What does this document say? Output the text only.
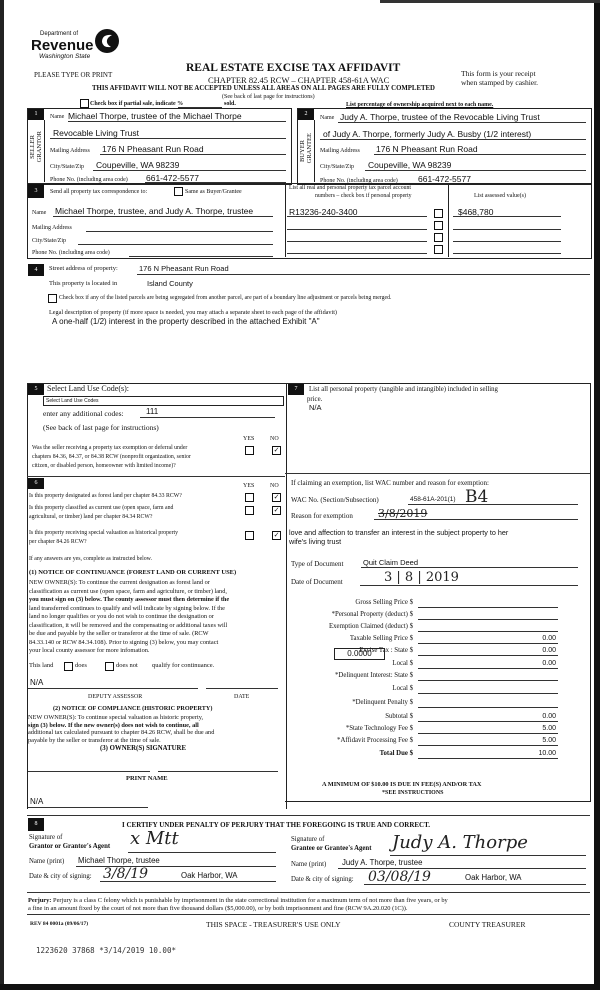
Department of
Revenue
Washington State
REAL ESTATE EXCISE TAX AFFIDAVIT
PLEASE TYPE OR PRINT	CHAPTER 82.45 RCW – CHAPTER 458-61A WAC
This form is your receipt
when stamped by cashier.
THIS AFFIDAVIT WILL NOT BE ACCEPTED UNLESS ALL AREAS ON ALL PAGES ARE FULLY COMPLETED
(See back of last page for instructions)
Check box if partial sale, indicate %	sold.	List percentage of ownership acquired next to each name.
1
SELLER GRANTOR
Name Michael Thorpe, trustee of the Michael Thorpe
Revocable Living Trust
Mailing Address 176 N Pheasant Run Road
City/State/Zip Coupeville, WA 98239
Phone No. (including area code) 661-472-5577
2
BUYER GRANTEE
Name Judy A. Thorpe, trustee of the Revocable Living Trust
of Judy A. Thorpe, formerly Judy A. Busby (1/2 interest)
Mailing Address 176 N Pheasant Run Road
City/State/Zip Coupeville, WA 98239
Phone No. (including area code) 661-472-5577
3	Send all property tax correspondence to:	Same as Buyer/Grantee
Name Michael Thorpe, trustee, and Judy A. Thorpe, trustee
Mailing Address
City/State/Zip
Phone No. (including area code)
List all real and personal property tax parcel account
numbers – check box if personal property	List assessed value(s)
R13236-240-3400	$468,780
4	Street address of property:	176 N Pheasant Run Road
This property is located in	Island County
Check box if any of the listed parcels are being segregated from another parcel, are part of a boundary line adjustment or parcels being merged.
Legal description of property (if more space is needed, you may attach a separate sheet to each page of the affidavit)
A one-half (1/2) interest in the property described in the attached Exhibit "A"
5	Select Land Use Code(s):
Select Land Use Codes
enter any additional codes:	111
(See back of last page for instructions)
YES	NO
Was the seller receiving a property tax exemption or deferral under
chapters 84.36, 84.37, or 84.38 RCW (nonprofit organization, senior
citizen, or disabled person, homeowner with limited income)?
✓
6	YES	NO
Is this property designated as forest land per chapter 84.33 RCW?	✓
Is this property classified as current use (open space, farm and
agricultural, or timber) land per chapter 84.34 RCW?
✓
Is this property receiving special valuation as historical property
per chapter 84.26 RCW?
✓
If any answers are yes, complete as instructed below.
(1) NOTICE OF CONTINUANCE (FOREST LAND OR CURRENT USE)
NEW OWNER(S): To continue the current designation as forest land or
classification as current use (open space, farm and agriculture, or timber) land,
you must sign on (3) below. The county assessor must then determine if the
land transferred continues to qualify and will indicate by signing below. If the
land no longer qualifies or you do not wish to continue the designation or
classification, it will be removed and the compensating or additional taxes will
be due and payable by the seller or transferor at the time of sale. (RCW
84.33.140 or RCW 84.34.108). Prior to signing (3) below, you may contact
your local county assessor for more infomation.
This land	does	does not qualify for continuance.
N/A
DEPUTY ASSESSOR	DATE
(2) NOTICE OF COMPLIANCE (HISTORIC PROPERTY)
NEW OWNER(S): To continue special valuation as historic property,
sign (3) below. If the new owner(s) does not wish to continue, all
additional tax calculated pursuant to chapter 84.26 RCW, shall be due and
payable by the seller or transferor at the time of sale.
(3) OWNER(S) SIGNATURE
PRINT NAME
N/A
7	List all personal property (tangible and intangible) included in selling
price.
N/A
If claiming an exemption, list WAC number and reason for exemption:
WAC No. (Section/Subsection)	458-61A-201(1) B4
Reason for exemption 3/8/2019
love and affection to transfer an interest in the subject property to her
wife's living trust
Type of Document	Quit Claim Deed
Date of Document	3 | 8 | 2019
Gross Selling Price $
*Personal Property (deduct) $
Exemption Claimed (deduct) $
Taxable Selling Price $	0.00
Excise Tax : State $	0.00
Local $	0.00
*Delinquent Interest: State $
Local $
*Delinquent Penalty $
Subtotal $	0.00
*State Technology Fee $	5.00
*Affidavit Processing Fee $	5.00
Total Due $	10.00
0.0000
A MINIMUM OF $10.00 IS DUE IN FEE(S) AND/OR TAX
*SEE INSTRUCTIONS
8	I CERTIFY UNDER PENALTY OF PERJURY THAT THE FOREGOING IS TRUE AND CORRECT.
Signature of
Grantor or Grantor's Agent x Mtt
Name (print) Michael Thorpe, trustee
Date & city of signing: 3/8/19	Oak Harbor, WA
Signature of
Grantee or Grantee's Agent Judy A. Thorpe
Name (print) Judy A. Thorpe, trustee
Date & city of signing: 03/08/19	Oak Harbor, WA
Perjury: Perjury is a class C felony which is punishable by imprisonment in the state correctional institution for a maximum term of not more than five years, or by
a fine in an amount fixed by the court of not more than five thousand dollars ($5,000.00), or by both imprisonment and fine (RCW 9A.20.020 (1C)).
REV 84 0001a (09/06/17)	THIS SPACE - TREASURER'S USE ONLY	COUNTY TREASURER
1223620 37868 *3/14/2019 10.00*
